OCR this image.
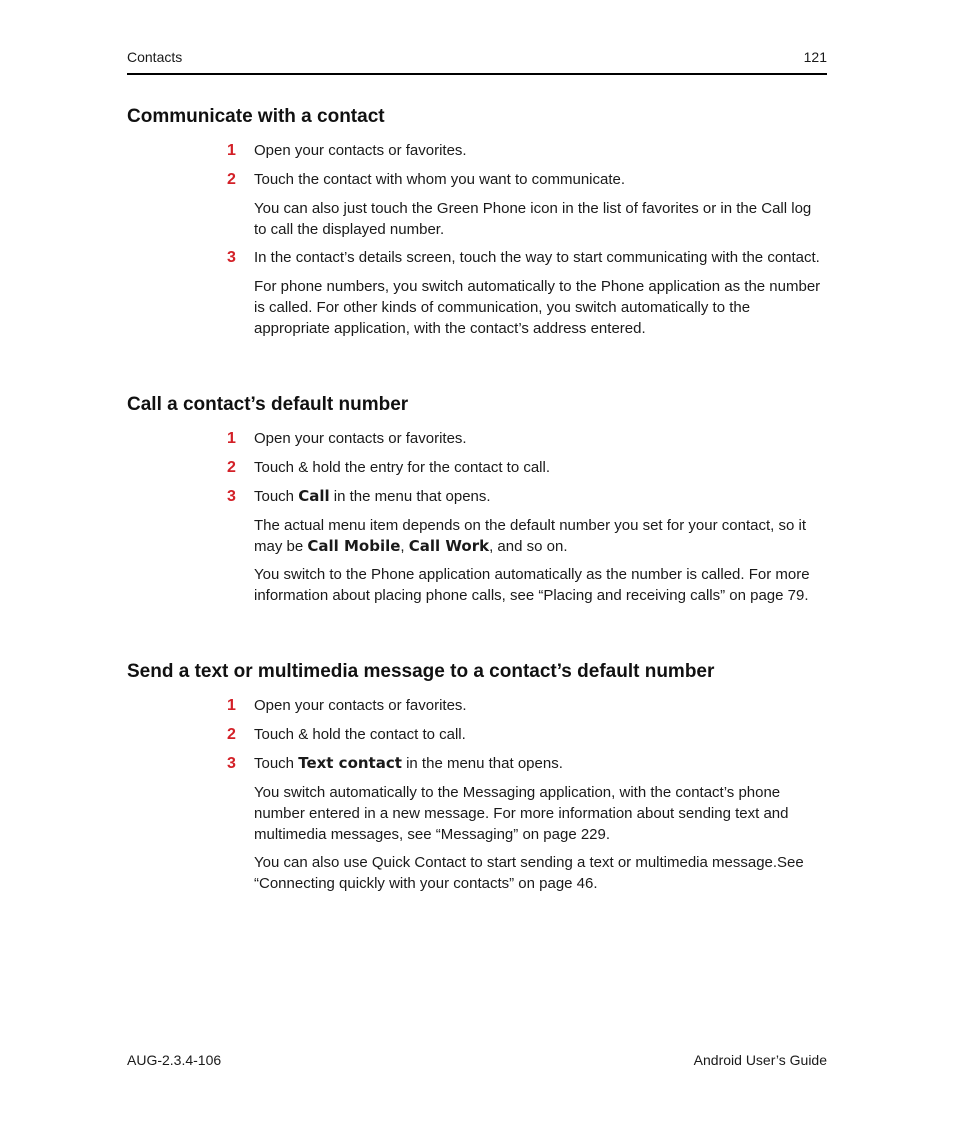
Contacts	121
Communicate with a contact
1 Open your contacts or favorites.
2 Touch the contact with whom you want to communicate.

You can also just touch the Green Phone icon in the list of favorites or in the Call log to call the displayed number.

3 In the contact’s details screen, touch the way to start communicating with the contact.

For phone numbers, you switch automatically to the Phone application as the number is called. For other kinds of communication, you switch automatically to the appropriate application, with the contact’s address entered.

Call a contact’s default number
1 Open your contacts or favorites.
2 Touch & hold the entry for the contact to call.
3 Touch Call in the menu that opens.

The actual menu item depends on the default number you set for your contact, so it may be Call Mobile, Call Work, and so on.

You switch to the Phone application automatically as the number is called. For more information about placing phone calls, see “Placing and receiving calls” on page 79.

Send a text or multimedia message to a contact’s default number
1 Open your contacts or favorites.
2 Touch & hold the contact to call.
3 Touch Text contact in the menu that opens.

You switch automatically to the Messaging application, with the contact’s phone number entered in a new message. For more information about sending text and multimedia messages, see “Messaging” on page 229.

You can also use Quick Contact to start sending a text or multimedia message.See “Connecting quickly with your contacts” on page 46.

AUG-2.3.4-106	Android User’s Guide
